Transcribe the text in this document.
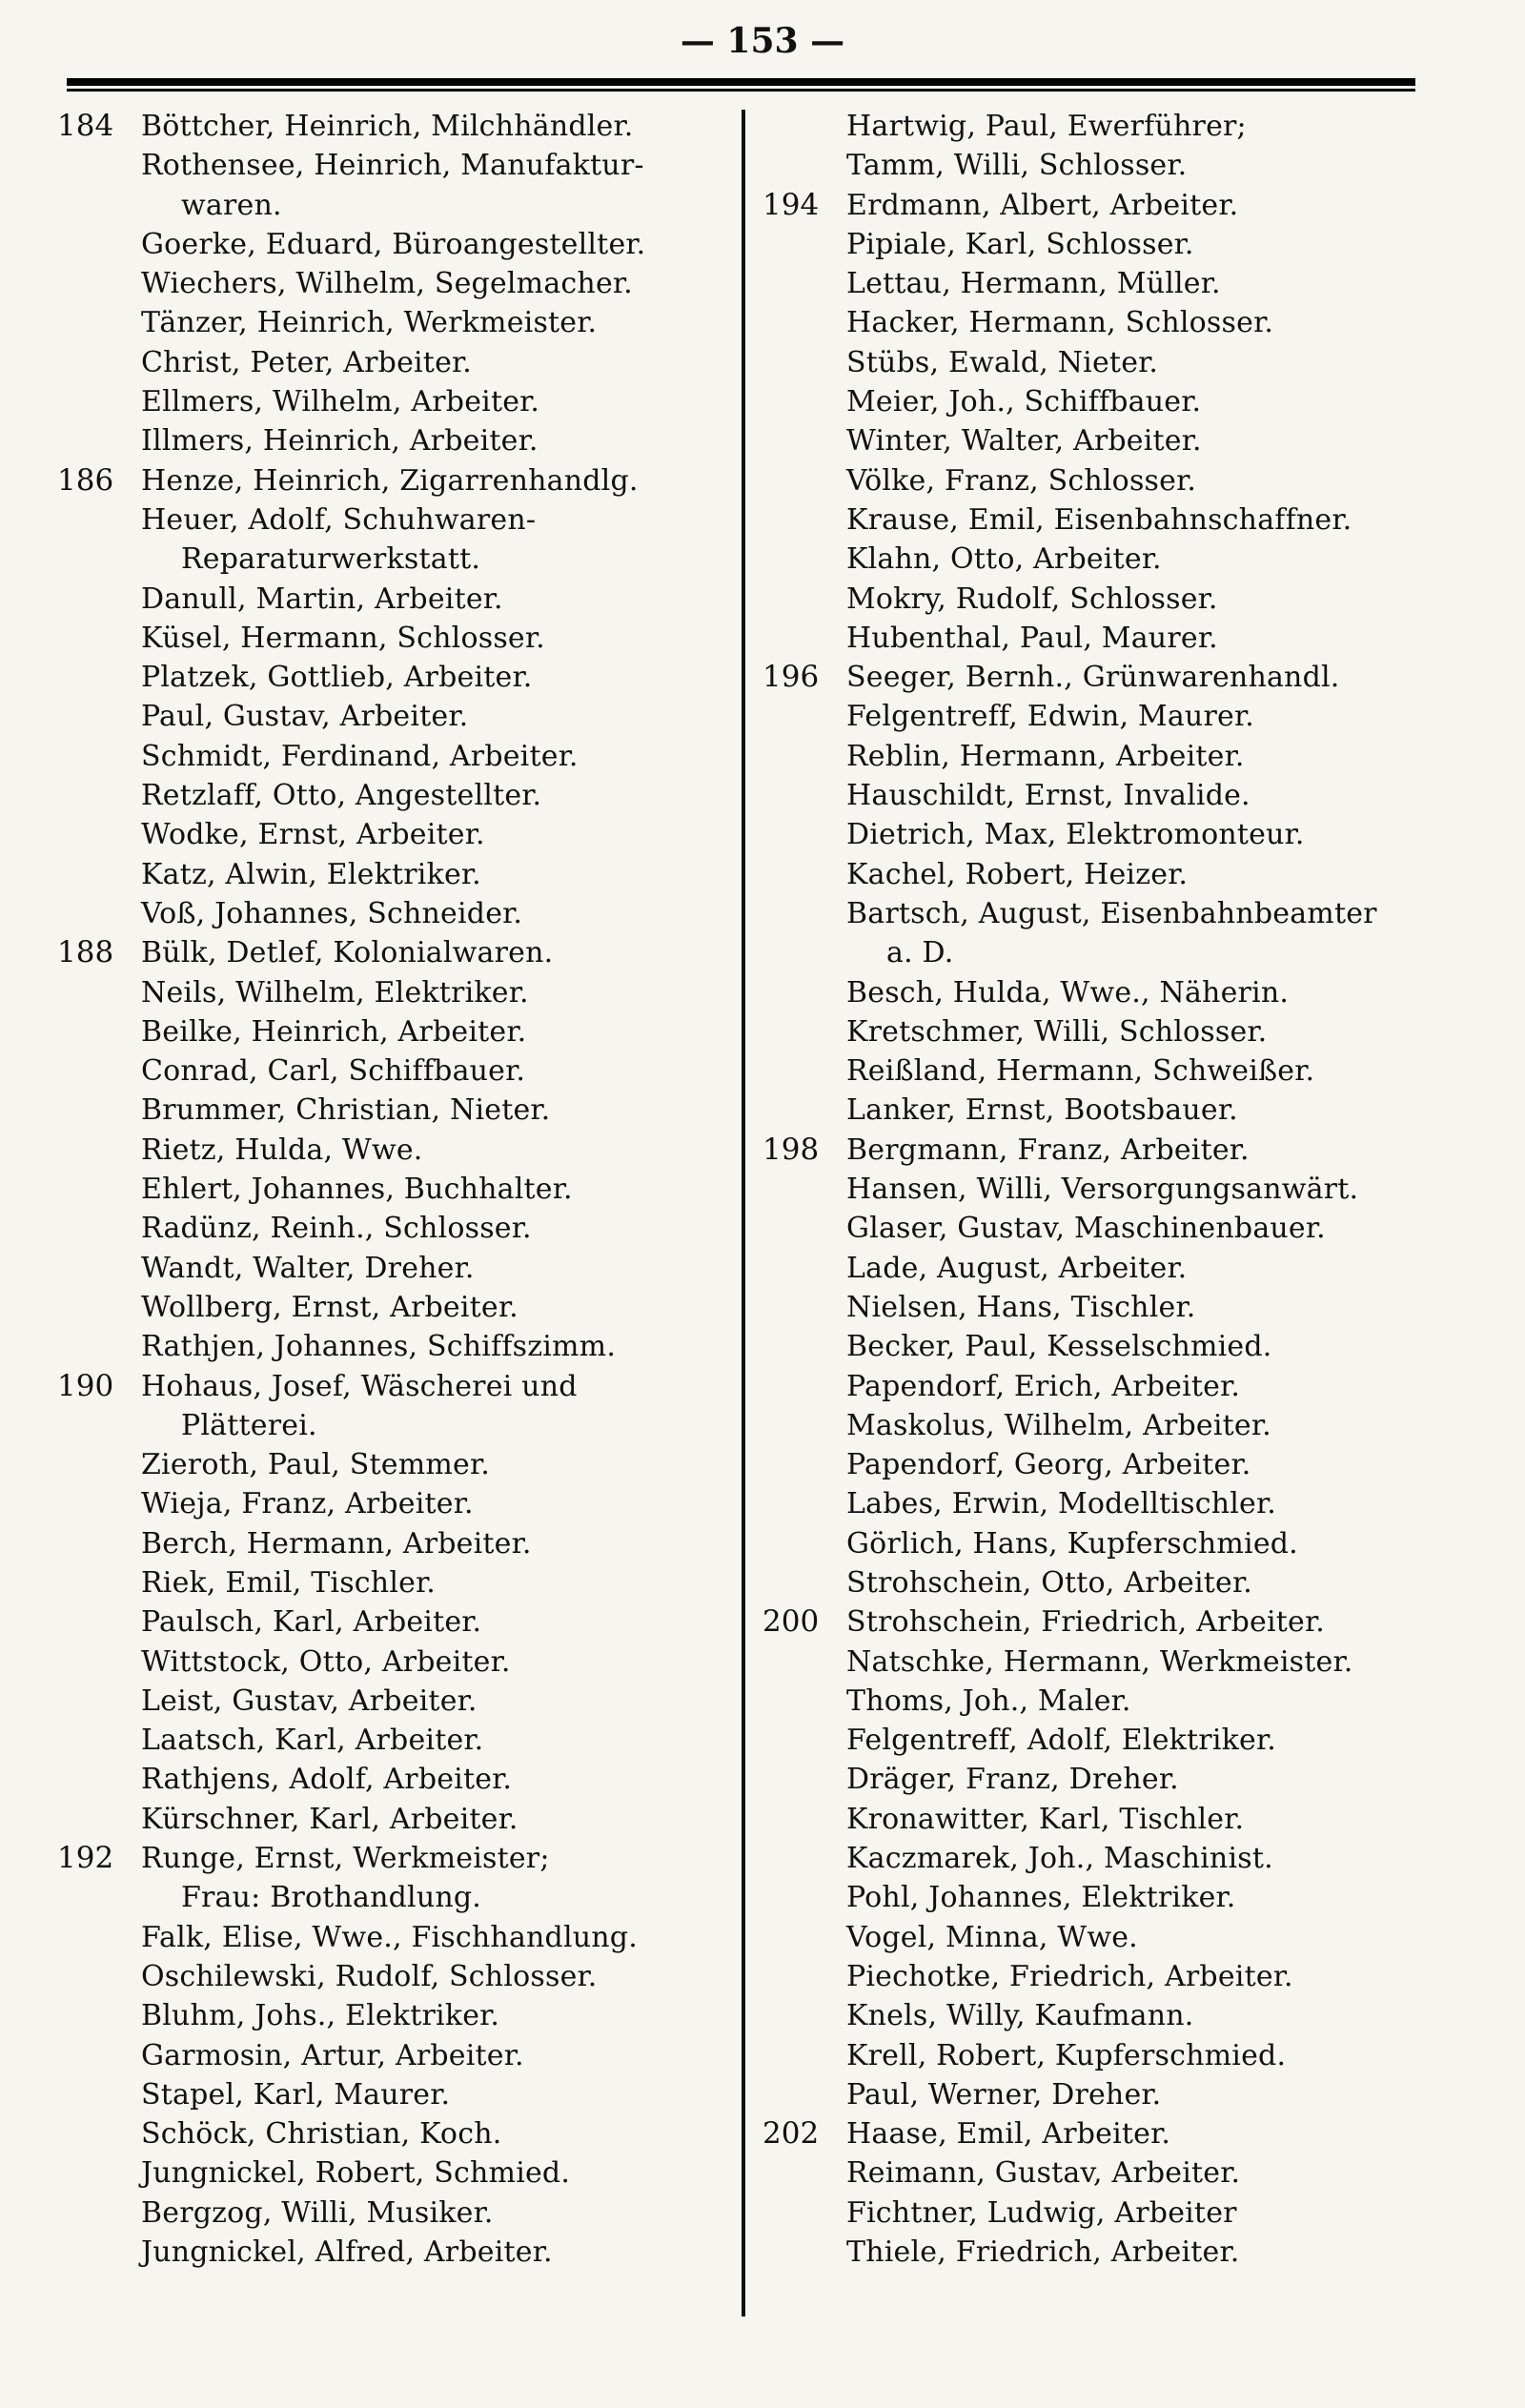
— 153 —
184 Böttcher, Heinrich, Milchhändler.
Rothensee, Heinrich, Manufaktur-
waren.
Goerke, Eduard, Büroangestellter.
Wiechers, Wilhelm, Segelmacher.
Tänzer, Heinrich, Werkmeister.
Christ, Peter, Arbeiter.
Ellmers, Wilhelm, Arbeiter.
Illmers, Heinrich, Arbeiter.
186 Henze, Heinrich, Zigarrenhandlg.
Heuer, Adolf, Schuhwaren-
Reparaturwerkstatt.
Danull, Martin, Arbeiter.
Küsel, Hermann, Schlosser.
Platzek, Gottlieb, Arbeiter.
Paul, Gustav, Arbeiter.
Schmidt, Ferdinand, Arbeiter.
Retzlaff, Otto, Angestellter.
Wodke, Ernst, Arbeiter.
Katz, Alwin, Elektriker.
Voß, Johannes, Schneider.
188 Bülk, Detlef, Kolonialwaren.
Neils, Wilhelm, Elektriker.
Beilke, Heinrich, Arbeiter.
Conrad, Carl, Schiffbauer.
Brummer, Christian, Nieter.
Rietz, Hulda, Wwe.
Ehlert, Johannes, Buchhalter.
Radünz, Reinh., Schlosser.
Wandt, Walter, Dreher.
Wollberg, Ernst, Arbeiter.
Rathjen, Johannes, Schiffszimm.
190 Hohaus, Josef, Wäscherei und
Plätterei.
Zieroth, Paul, Stemmer.
Wieja, Franz, Arbeiter.
Berch, Hermann, Arbeiter.
Riek, Emil, Tischler.
Paulsch, Karl, Arbeiter.
Wittstock, Otto, Arbeiter.
Leist, Gustav, Arbeiter.
Laatsch, Karl, Arbeiter.
Rathjens, Adolf, Arbeiter.
Kürschner, Karl, Arbeiter.
192 Runge, Ernst, Werkmeister;
Frau: Brothandlung.
Falk, Elise, Wwe., Fischhandlung.
Oschilewski, Rudolf, Schlosser.
Bluhm, Johs., Elektriker.
Garmosin, Artur, Arbeiter.
Stapel, Karl, Maurer.
Schöck, Christian, Koch.
Jungnickel, Robert, Schmied.
Bergzog, Willi, Musiker.
Jungnickel, Alfred, Arbeiter.
Hartwig, Paul, Ewerführer;
Tamm, Willi, Schlosser.
194 Erdmann, Albert, Arbeiter.
Pipiale, Karl, Schlosser.
Lettau, Hermann, Müller.
Hacker, Hermann, Schlosser.
Stübs, Ewald, Nieter.
Meier, Joh., Schiffbauer.
Winter, Walter, Arbeiter.
Völke, Franz, Schlosser.
Krause, Emil, Eisenbahnschaffner.
Klahn, Otto, Arbeiter.
Mokry, Rudolf, Schlosser.
Hubenthal, Paul, Maurer.
196 Seeger, Bernh., Grünwarenhandl.
Felgentreff, Edwin, Maurer.
Reblin, Hermann, Arbeiter.
Hauschildt, Ernst, Invalide.
Dietrich, Max, Elektromonteur.
Kachel, Robert, Heizer.
Bartsch, August, Eisenbahnbeamter
a. D.
Besch, Hulda, Wwe., Näherin.
Kretschmer, Willi, Schlosser.
Reißland, Hermann, Schweißer.
Lanker, Ernst, Bootsbauer.
198 Bergmann, Franz, Arbeiter.
Hansen, Willi, Versorgungsanwärt.
Glaser, Gustav, Maschinenbauer.
Lade, August, Arbeiter.
Nielsen, Hans, Tischler.
Becker, Paul, Kesselschmied.
Papendorf, Erich, Arbeiter.
Maskolus, Wilhelm, Arbeiter.
Papendorf, Georg, Arbeiter.
Labes, Erwin, Modelltischler.
Görlich, Hans, Kupferschmied.
Strohschein, Otto, Arbeiter.
200 Strohschein, Friedrich, Arbeiter.
Natschke, Hermann, Werkmeister.
Thoms, Joh., Maler.
Felgentreff, Adolf, Elektriker.
Dräger, Franz, Dreher.
Kronawitter, Karl, Tischler.
Kaczmarek, Joh., Maschinist.
Pohl, Johannes, Elektriker.
Vogel, Minna, Wwe.
Piechotke, Friedrich, Arbeiter.
Knels, Willy, Kaufmann.
Krell, Robert, Kupferschmied.
Paul, Werner, Dreher.
202 Haase, Emil, Arbeiter.
Reimann, Gustav, Arbeiter.
Fichtner, Ludwig, Arbeiter
Thiele, Friedrich, Arbeiter.
